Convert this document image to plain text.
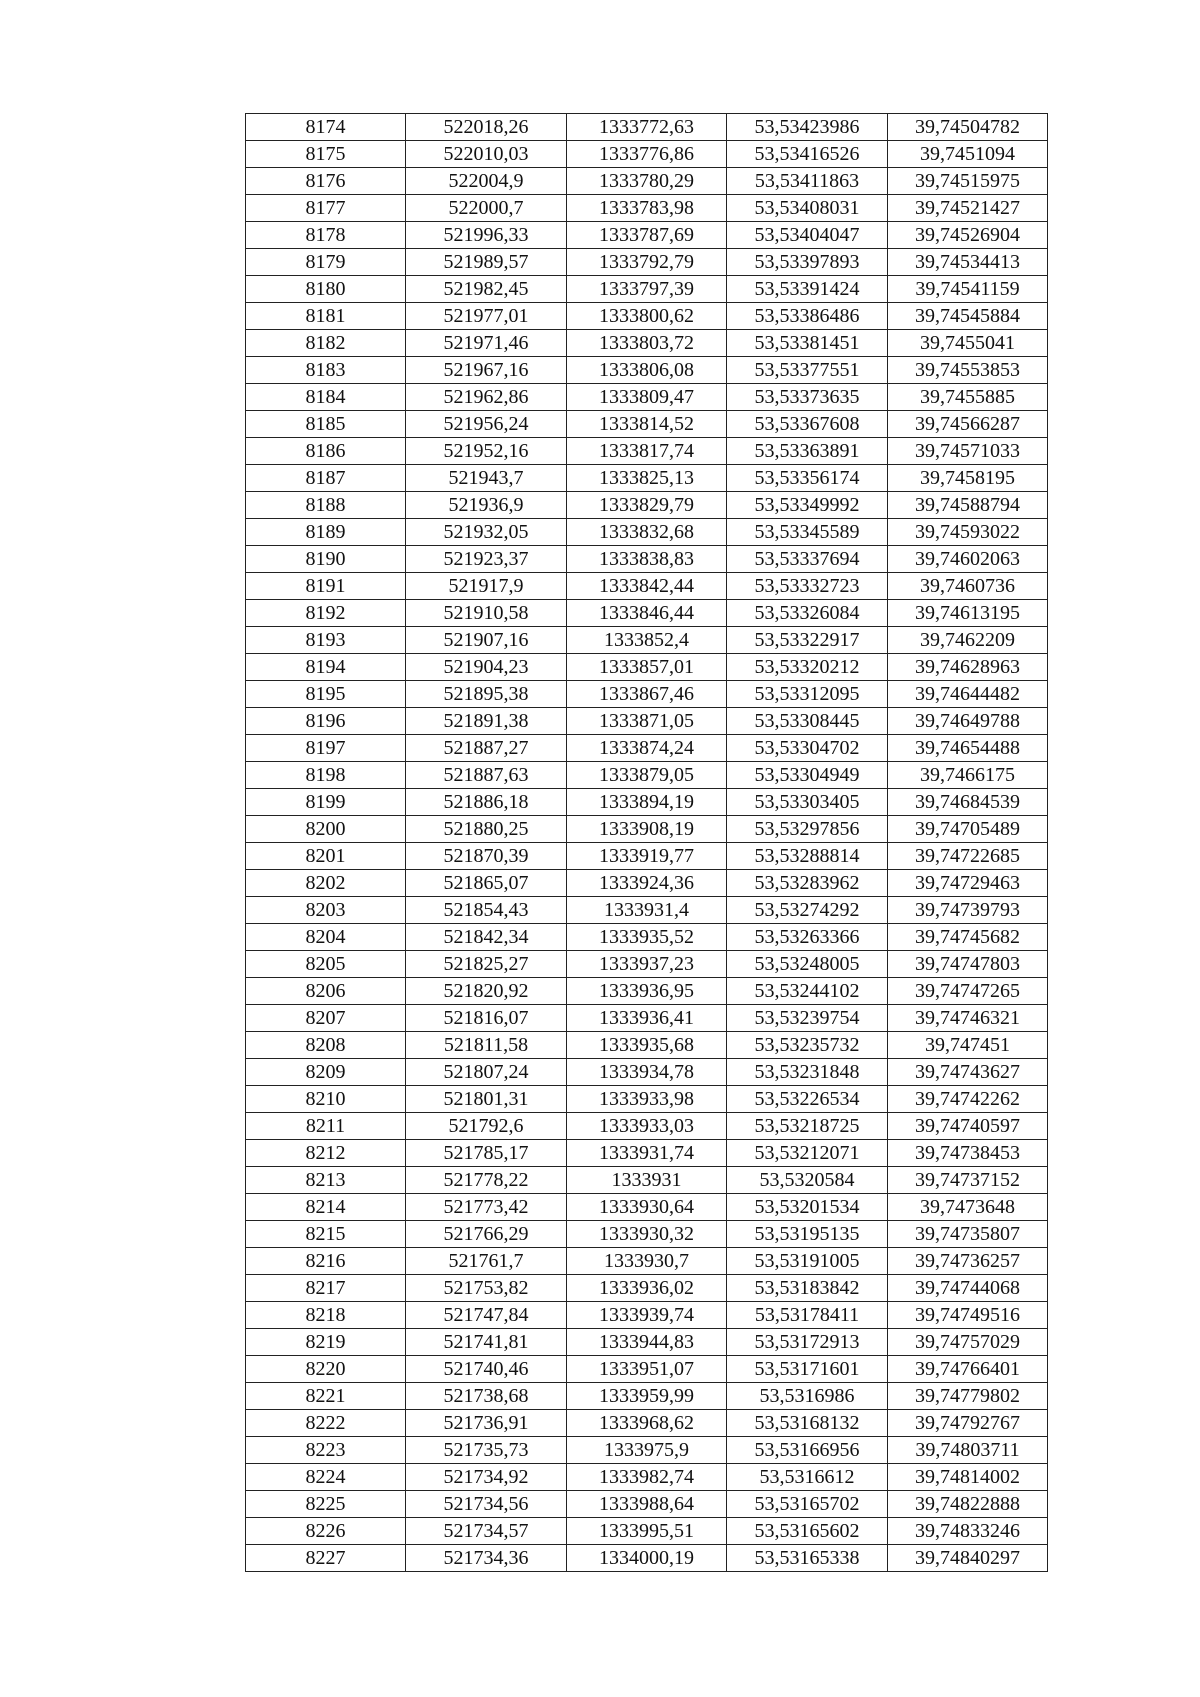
8174	522018,26	1333772,63	53,53423986	39,74504782
8175	522010,03	1333776,86	53,53416526	39,7451094
8176	522004,9	1333780,29	53,53411863	39,74515975
8177	522000,7	1333783,98	53,53408031	39,74521427
8178	521996,33	1333787,69	53,53404047	39,74526904
8179	521989,57	1333792,79	53,53397893	39,74534413
8180	521982,45	1333797,39	53,53391424	39,74541159
8181	521977,01	1333800,62	53,53386486	39,74545884
8182	521971,46	1333803,72	53,53381451	39,7455041
8183	521967,16	1333806,08	53,53377551	39,74553853
8184	521962,86	1333809,47	53,53373635	39,7455885
8185	521956,24	1333814,52	53,53367608	39,74566287
8186	521952,16	1333817,74	53,53363891	39,74571033
8187	521943,7	1333825,13	53,53356174	39,7458195
8188	521936,9	1333829,79	53,53349992	39,74588794
8189	521932,05	1333832,68	53,53345589	39,74593022
8190	521923,37	1333838,83	53,53337694	39,74602063
8191	521917,9	1333842,44	53,53332723	39,7460736
8192	521910,58	1333846,44	53,53326084	39,74613195
8193	521907,16	1333852,4	53,53322917	39,7462209
8194	521904,23	1333857,01	53,53320212	39,74628963
8195	521895,38	1333867,46	53,53312095	39,74644482
8196	521891,38	1333871,05	53,53308445	39,74649788
8197	521887,27	1333874,24	53,53304702	39,74654488
8198	521887,63	1333879,05	53,53304949	39,7466175
8199	521886,18	1333894,19	53,53303405	39,74684539
8200	521880,25	1333908,19	53,53297856	39,74705489
8201	521870,39	1333919,77	53,53288814	39,74722685
8202	521865,07	1333924,36	53,53283962	39,74729463
8203	521854,43	1333931,4	53,53274292	39,74739793
8204	521842,34	1333935,52	53,53263366	39,74745682
8205	521825,27	1333937,23	53,53248005	39,74747803
8206	521820,92	1333936,95	53,53244102	39,74747265
8207	521816,07	1333936,41	53,53239754	39,74746321
8208	521811,58	1333935,68	53,53235732	39,747451
8209	521807,24	1333934,78	53,53231848	39,74743627
8210	521801,31	1333933,98	53,53226534	39,74742262
8211	521792,6	1333933,03	53,53218725	39,74740597
8212	521785,17	1333931,74	53,53212071	39,74738453
8213	521778,22	1333931	53,5320584	39,74737152
8214	521773,42	1333930,64	53,53201534	39,7473648
8215	521766,29	1333930,32	53,53195135	39,74735807
8216	521761,7	1333930,7	53,53191005	39,74736257
8217	521753,82	1333936,02	53,53183842	39,74744068
8218	521747,84	1333939,74	53,53178411	39,74749516
8219	521741,81	1333944,83	53,53172913	39,74757029
8220	521740,46	1333951,07	53,53171601	39,74766401
8221	521738,68	1333959,99	53,5316986	39,74779802
8222	521736,91	1333968,62	53,53168132	39,74792767
8223	521735,73	1333975,9	53,53166956	39,74803711
8224	521734,92	1333982,74	53,5316612	39,74814002
8225	521734,56	1333988,64	53,53165702	39,74822888
8226	521734,57	1333995,51	53,53165602	39,74833246
8227	521734,36	1334000,19	53,53165338	39,74840297
